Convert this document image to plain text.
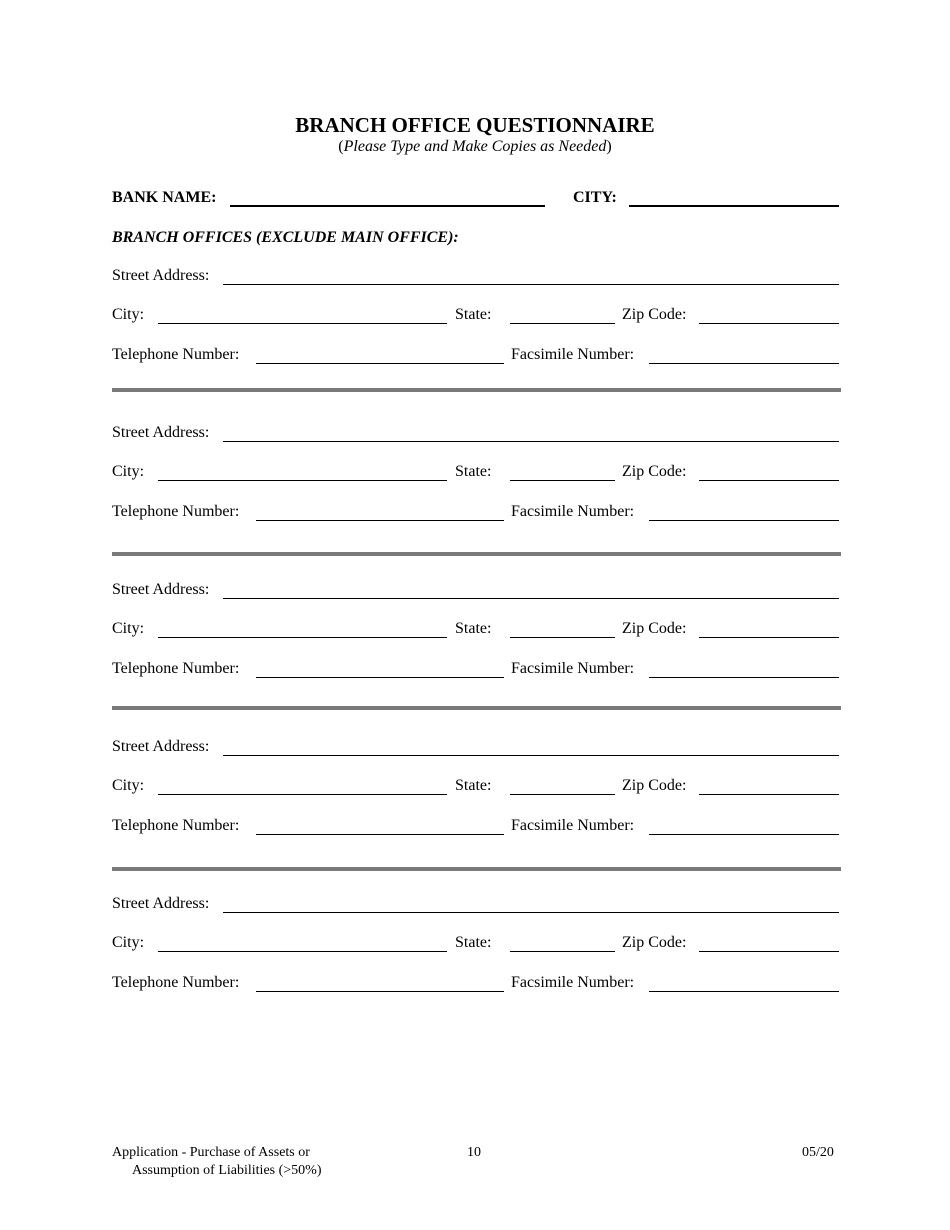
BRANCH OFFICE QUESTIONNAIRE
(Please Type and Make Copies as Needed)
BANK NAME:	CITY:
BRANCH OFFICES (EXCLUDE MAIN OFFICE):
Street Address:
City:	State:	Zip Code:
Telephone Number:	Facsimile Number:
Street Address:
City:	State:	Zip Code:
Telephone Number:	Facsimile Number:
Street Address:
City:	State:	Zip Code:
Telephone Number:	Facsimile Number:
Street Address:
City:	State:	Zip Code:
Telephone Number:	Facsimile Number:
Street Address:
City:	State:	Zip Code:
Telephone Number:	Facsimile Number:
Application - Purchase of Assets or
Assumption of Liabilities (>50%)
10	05/20
